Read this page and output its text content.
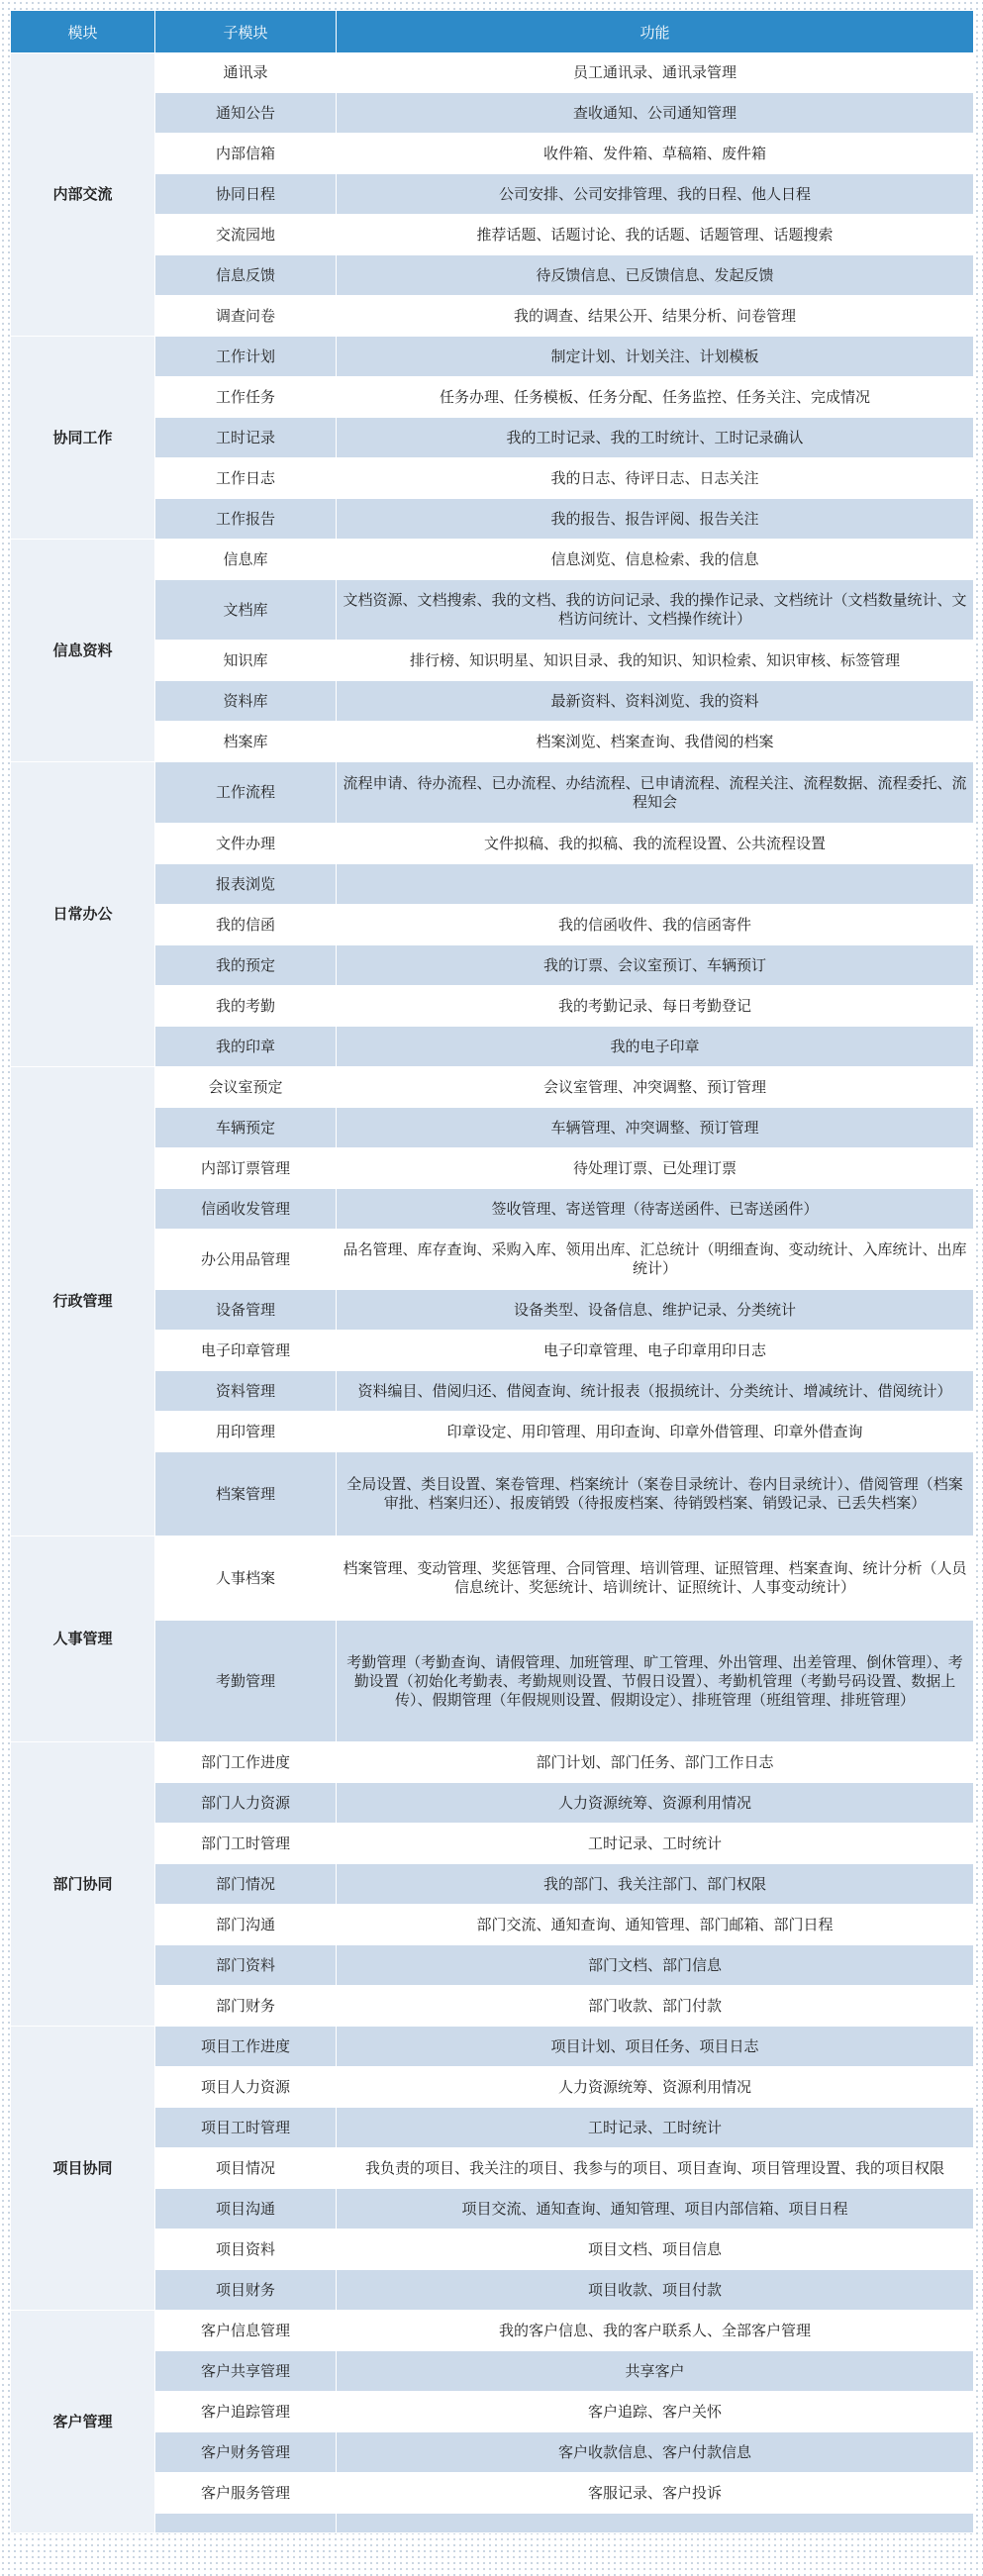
模块	子模块	功能
内部交流	通讯录	员工通讯录、通讯录管理
	通知公告	查收通知、公司通知管理
	内部信箱	收件箱、发件箱、草稿箱、废件箱
	协同日程	公司安排、公司安排管理、我的日程、他人日程
	交流园地	推荐话题、话题讨论、我的话题、话题管理、话题搜索
	信息反馈	待反馈信息、已反馈信息、发起反馈
	调查问卷	我的调查、结果公开、结果分析、问卷管理
协同工作	工作计划	制定计划、计划关注、计划模板
	工作任务	任务办理、任务模板、任务分配、任务监控、任务关注、完成情况
	工时记录	我的工时记录、我的工时统计、工时记录确认
	工作日志	我的日志、待评日志、日志关注
	工作报告	我的报告、报告评阅、报告关注
信息资料	信息库	信息浏览、信息检索、我的信息
	文档库	文档资源、文档搜索、我的文档、我的访问记录、我的操作记录、文档统计（文档数量统计、文档访问统计、文档操作统计）
	知识库	排行榜、知识明星、知识目录、我的知识、知识检索、知识审核、标签管理
	资料库	最新资料、资料浏览、我的资料
	档案库	档案浏览、档案查询、我借阅的档案
日常办公	工作流程	流程申请、待办流程、已办流程、办结流程、已申请流程、流程关注、流程数据、流程委托、流程知会
	文件办理	文件拟稿、我的拟稿、我的流程设置、公共流程设置
	报表浏览	
	我的信函	我的信函收件、我的信函寄件
	我的预定	我的订票、会议室预订、车辆预订
	我的考勤	我的考勤记录、每日考勤登记
	我的印章	我的电子印章
行政管理	会议室预定	会议室管理、冲突调整、预订管理
	车辆预定	车辆管理、冲突调整、预订管理
	内部订票管理	待处理订票、已处理订票
	信函收发管理	签收管理、寄送管理（待寄送函件、已寄送函件）
	办公用品管理	品名管理、库存查询、采购入库、领用出库、汇总统计（明细查询、变动统计、入库统计、出库统计）
	设备管理	设备类型、设备信息、维护记录、分类统计
	电子印章管理	电子印章管理、电子印章用印日志
	资料管理	资料编目、借阅归还、借阅查询、统计报表（报损统计、分类统计、增减统计、借阅统计）
	用印管理	印章设定、用印管理、用印查询、印章外借管理、印章外借查询
	档案管理	全局设置、类目设置、案卷管理、档案统计（案卷目录统计、卷内目录统计）、借阅管理（档案审批、档案归还）、报废销毁（待报废档案、待销毁档案、销毁记录、已丢失档案）
人事管理	人事档案	档案管理、变动管理、奖惩管理、合同管理、培训管理、证照管理、档案查询、统计分析（人员信息统计、奖惩统计、培训统计、证照统计、人事变动统计）
	考勤管理	考勤管理（考勤查询、请假管理、加班管理、旷工管理、外出管理、出差管理、倒休管理）、考勤设置（初始化考勤表、考勤规则设置、节假日设置）、考勤机管理（考勤号码设置、数据上传）、假期管理（年假规则设置、假期设定）、排班管理（班组管理、排班管理）
部门协同	部门工作进度	部门计划、部门任务、部门工作日志
	部门人力资源	人力资源统筹、资源利用情况
	部门工时管理	工时记录、工时统计
	部门情况	我的部门、我关注部门、部门权限
	部门沟通	部门交流、通知查询、通知管理、部门邮箱、部门日程
	部门资料	部门文档、部门信息
	部门财务	部门收款、部门付款
项目协同	项目工作进度	项目计划、项目任务、项目日志
	项目人力资源	人力资源统筹、资源利用情况
	项目工时管理	工时记录、工时统计
	项目情况	我负责的项目、我关注的项目、我参与的项目、项目查询、项目管理设置、我的项目权限
	项目沟通	项目交流、通知查询、通知管理、项目内部信箱、项目日程
	项目资料	项目文档、项目信息
	项目财务	项目收款、项目付款
客户管理	客户信息管理	我的客户信息、我的客户联系人、全部客户管理
	客户共享管理	共享客户
	客户追踪管理	客户追踪、客户关怀
	客户财务管理	客户收款信息、客户付款信息
	客户服务管理	客服记录、客户投诉
